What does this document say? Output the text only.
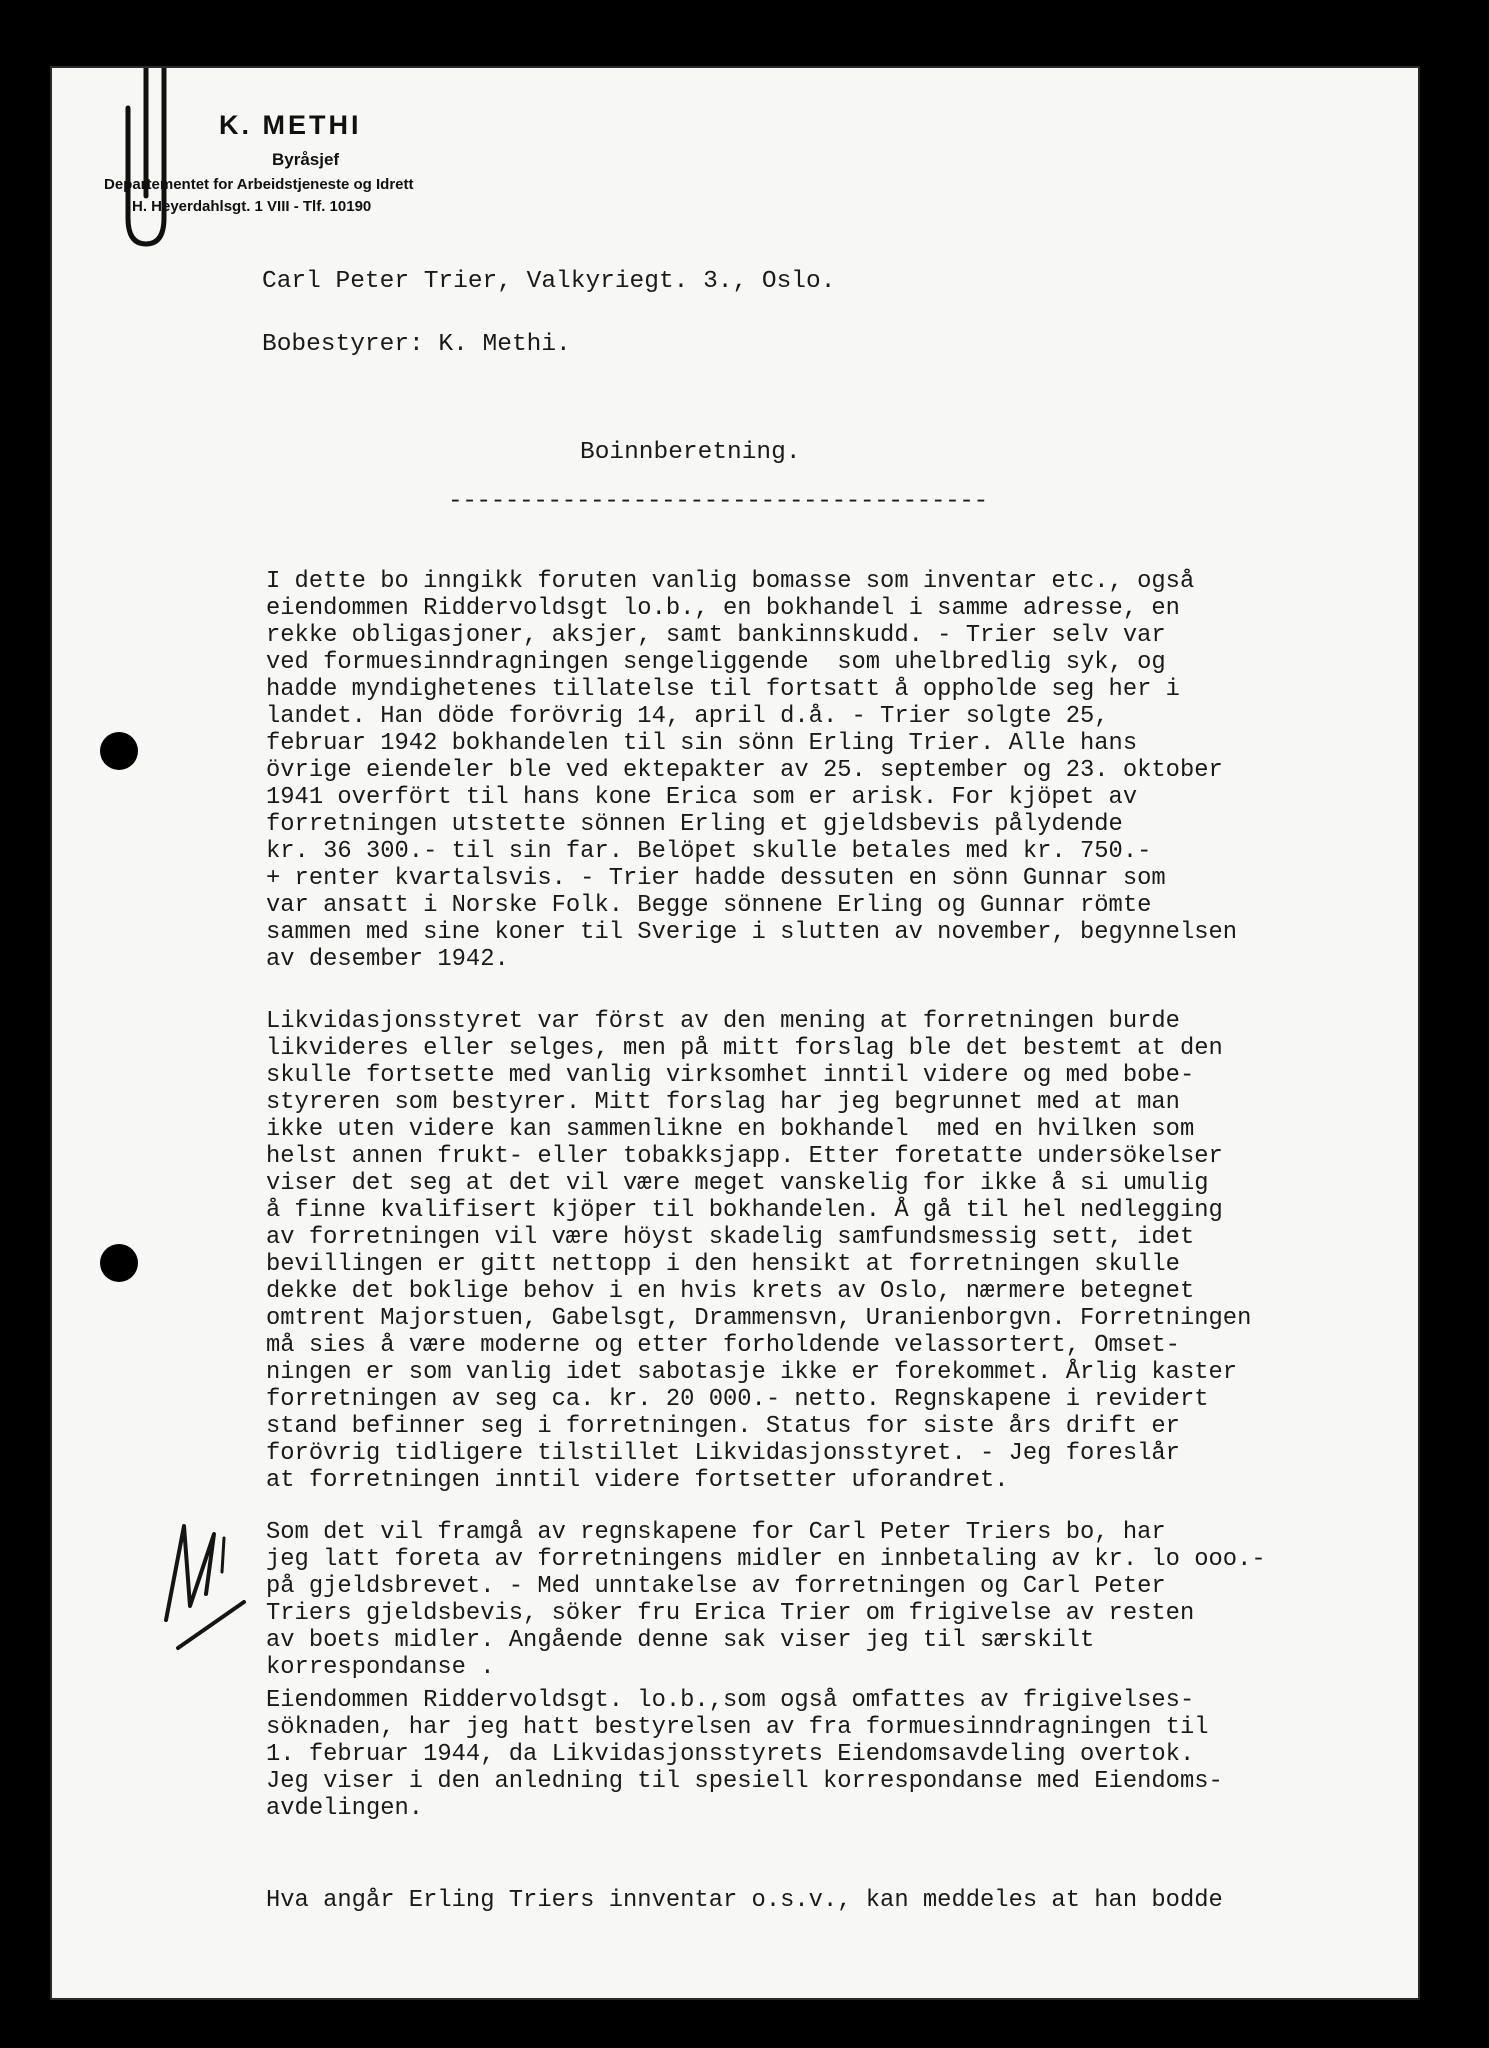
K. METHI
Byråsjef
Departementet for Arbeidstjeneste og Idrett
H. Heyerdahlsgt. 1 VIII - Tlf. 10190
Carl Peter Trier, Valkyriegt. 3., Oslo.
Bobestyrer: K. Methi.
Boinnberetning.
--------------------------------------
I dette bo inngikk foruten vanlig bomasse som inventar etc., også
eiendommen Riddervoldsgt lo.b., en bokhandel i samme adresse, en
rekke obligasjoner, aksjer, samt bankinnskudd. - Trier selv var
ved formuesinndragningen sengeliggende  som uhelbredlig syk, og
hadde myndighetenes tillatelse til fortsatt å oppholde seg her i
landet. Han döde forövrig 14, april d.å. - Trier solgte 25,
februar 1942 bokhandelen til sin sönn Erling Trier. Alle hans
övrige eiendeler ble ved ektepakter av 25. september og 23. oktober
1941 overfört til hans kone Erica som er arisk. For kjöpet av
forretningen utstette sönnen Erling et gjeldsbevis pålydende
kr. 36 300.- til sin far. Belöpet skulle betales med kr. 750.-
+ renter kvartalsvis. - Trier hadde dessuten en sönn Gunnar som
var ansatt i Norske Folk. Begge sönnene Erling og Gunnar römte
sammen med sine koner til Sverige i slutten av november, begynnelsen
av desember 1942.
Likvidasjonsstyret var först av den mening at forretningen burde
likvideres eller selges, men på mitt forslag ble det bestemt at den
skulle fortsette med vanlig virksomhet inntil videre og med bobe-
styreren som bestyrer. Mitt forslag har jeg begrunnet med at man
ikke uten videre kan sammenlikne en bokhandel  med en hvilken som
helst annen frukt- eller tobakksjapp. Etter foretatte undersökelser
viser det seg at det vil være meget vanskelig for ikke å si umulig
å finne kvalifisert kjöper til bokhandelen. Å gå til hel nedlegging
av forretningen vil være höyst skadelig samfundsmessig sett, idet
bevillingen er gitt nettopp i den hensikt at forretningen skulle
dekke det boklige behov i en hvis krets av Oslo, nærmere betegnet
omtrent Majorstuen, Gabelsgt, Drammensvn, Uranienborgvn. Forretningen
må sies å være moderne og etter forholdende velassortert, Omset-
ningen er som vanlig idet sabotasje ikke er forekommet. Årlig kaster
forretningen av seg ca. kr. 20 000.- netto. Regnskapene i revidert
stand befinner seg i forretningen. Status for siste års drift er
forövrig tidligere tilstillet Likvidasjonsstyret. - Jeg foreslår
at forretningen inntil videre fortsetter uforandret.
Som det vil framgå av regnskapene for Carl Peter Triers bo, har
jeg latt foreta av forretningens midler en innbetaling av kr. lo ooo.-
på gjeldsbrevet. - Med unntakelse av forretningen og Carl Peter
Triers gjeldsbevis, söker fru Erica Trier om frigivelse av resten
av boets midler. Angående denne sak viser jeg til særskilt
korrespondanse .
Eiendommen Riddervoldsgt. lo.b.,som også omfattes av frigivelses-
söknaden, har jeg hatt bestyrelsen av fra formuesinndragningen til
1. februar 1944, da Likvidasjonsstyrets Eiendomsavdeling overtok.
Jeg viser i den anledning til spesiell korrespondanse med Eiendoms-
avdelingen.
Hva angår Erling Triers innventar o.s.v., kan meddeles at han bodde
